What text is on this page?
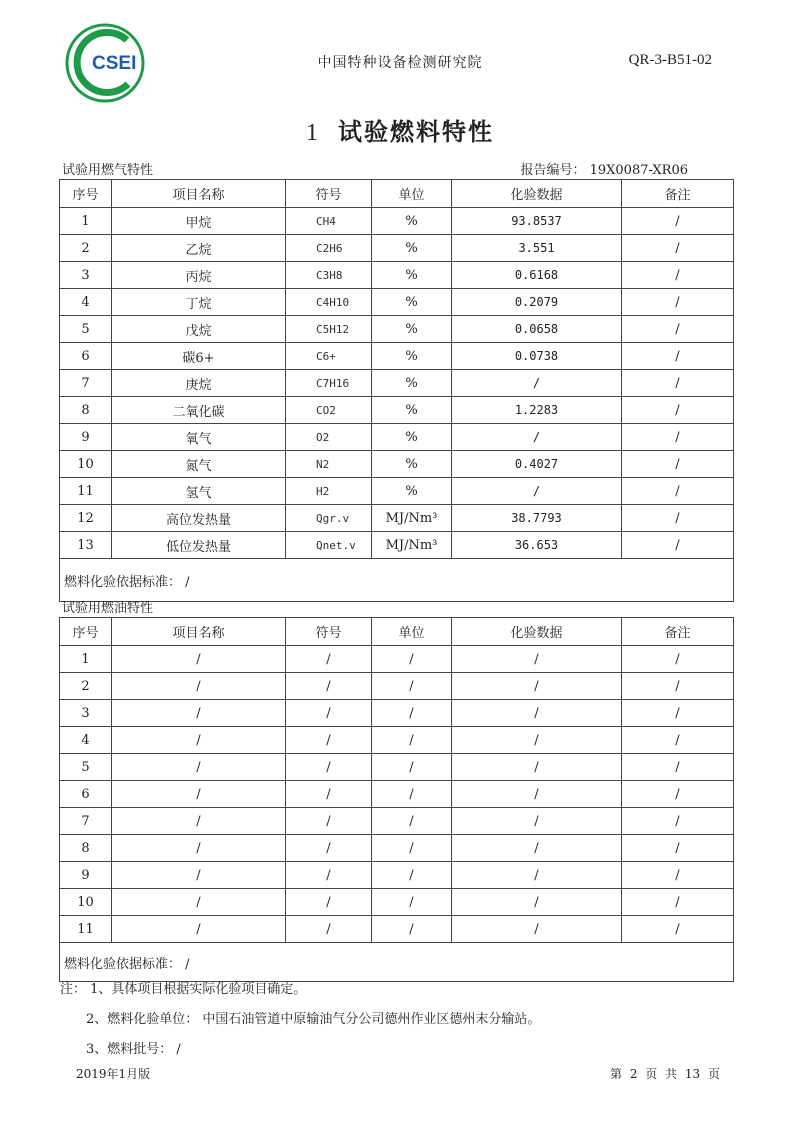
CSEI	中国特种设备检测研究院	QR-3-B51-02
1 试验燃料特性
试验用燃气特性	报告编号： 19X0087-XR06
序号	项目名称	符号	单位	化验数据	备注
1	甲烷	CH4	%	93.8537	/
2	乙烷	C2H6	%	3.551	/
3	丙烷	C3H8	%	0.6168	/
4	丁烷	C4H10	%	0.2079	/
5	戊烷	C5H12	%	0.0658	/
6	碳6+	C6+	%	0.0738	/
7	庚烷	C7H16	%	/	/
8	二氧化碳	CO2	%	1.2283	/
9	氧气	O2	%	/	/
10	氮气	N2	%	0.4027	/
11	氢气	H2	%	/	/
12	高位发热量	Qgr.v	MJ/Nm³	38.7793	/
13	低位发热量	Qnet.v	MJ/Nm³	36.653	/
燃料化验依据标准： /					
试验用燃油特性
序号	项目名称	符号	单位	化验数据	备注
1	/	/	/	/	/
2	/	/	/	/	/
3	/	/	/	/	/
4	/	/	/	/	/
5	/	/	/	/	/
6	/	/	/	/	/
7	/	/	/	/	/
8	/	/	/	/	/
9	/	/	/	/	/
10	/	/	/	/	/
11	/	/	/	/	/
燃料化验依据标准： /					
注： 1、具体项目根据实际化验项目确定。
2、燃料化验单位： 中国石油管道中原输油气分公司德州作业区德州末分输站。
3、燃料批号： /
2019年1月版	第 2 页 共 13 页
